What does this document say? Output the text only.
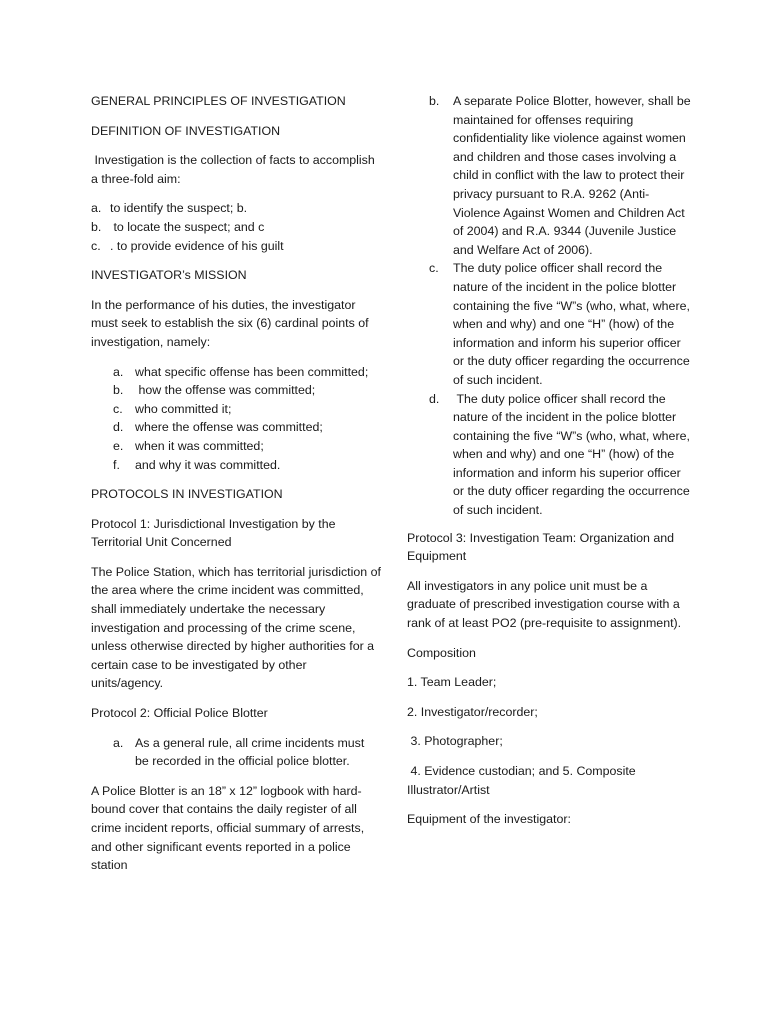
GENERAL PRINCIPLES OF INVESTIGATION

DEFINITION OF INVESTIGATION

Investigation is the collection of facts to accomplish a three-fold aim:

a. to identify the suspect; b.
b. to locate the suspect; and c
c. . to provide evidence of his guilt

INVESTIGATOR’s MISSION

In the performance of his duties, the investigator must seek to establish the six (6) cardinal points of investigation, namely:

a. what specific offense has been committed;
b. how the offense was committed;
c. who committed it;
d. where the offense was committed;
e. when it was committed;
f.	and why it was committed.

PROTOCOLS IN INVESTIGATION

Protocol 1: Jurisdictional Investigation by the Territorial Unit Concerned

The Police Station, which has territorial jurisdiction of the area where the crime incident was committed, shall immediately undertake the necessary investigation and processing of the crime scene, unless otherwise directed by higher authorities for a certain case to be investigated by other units/agency.

Protocol 2: Official Police Blotter

a. As a general rule, all crime incidents must be recorded in the official police blotter.

A Police Blotter is an 18” x 12” logbook with hard-bound cover that contains the daily register of all crime incident reports, official summary of arrests, and other significant events reported in a police station

b.	A separate Police Blotter, however, shall be maintained for offenses requiring confidentiality like violence against women and children and those cases involving a child in conflict with the law to protect their privacy pursuant to R.A. 9262 (Anti-Violence Against Women and Children Act of 2004) and R.A. 9344 (Juvenile Justice and Welfare Act of 2006).
c.	The duty police officer shall record the nature of the incident in the police blotter containing the five “W”s (who, what, where, when and why) and one “H” (how) of the information and inform his superior officer or the duty officer regarding the occurrence of such incident.
d.	The duty police officer shall record the nature of the incident in the police blotter containing the five “W”s (who, what, where, when and why) and one “H” (how) of the information and inform his superior officer or the duty officer regarding the occurrence of such incident.

Protocol 3: Investigation Team: Organization and Equipment

All investigators in any police unit must be a graduate of prescribed investigation course with a rank of at least PO2 (pre-requisite to assignment).

Composition

1. Team Leader;

2. Investigator/recorder;

3. Photographer;

4. Evidence custodian; and 5. Composite Illustrator/Artist

Equipment of the investigator:
